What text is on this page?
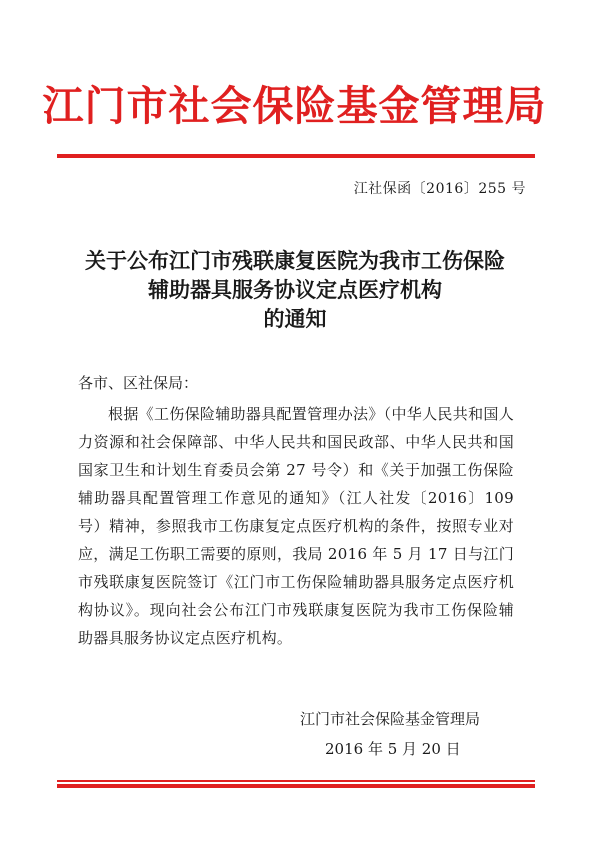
江门市社会保险基金管理局
江社保函〔2016〕255 号
关于公布江门市残联康复医院为我市工伤保险
辅助器具服务协议定点医疗机构
的通知
各市、区社保局：
根据《工伤保险辅助器具配置管理办法》（中华人民共和国人力资源和社会保障部、中华人民共和国民政部、中华人民共和国国家卫生和计划生育委员会第 27 号令）和《关于加强工伤保险辅助器具配置管理工作意见的通知》（江人社发〔2016〕109 号）精神，参照我市工伤康复定点医疗机构的条件，按照专业对应，满足工伤职工需要的原则，我局 2016 年 5 月 17 日与江门市残联康复医院签订《江门市工伤保险辅助器具服务定点医疗机构协议》。现向社会公布江门市残联康复医院为我市工伤保险辅助器具服务协议定点医疗机构。
江门市社会保险基金管理局
2016 年 5 月 20 日
